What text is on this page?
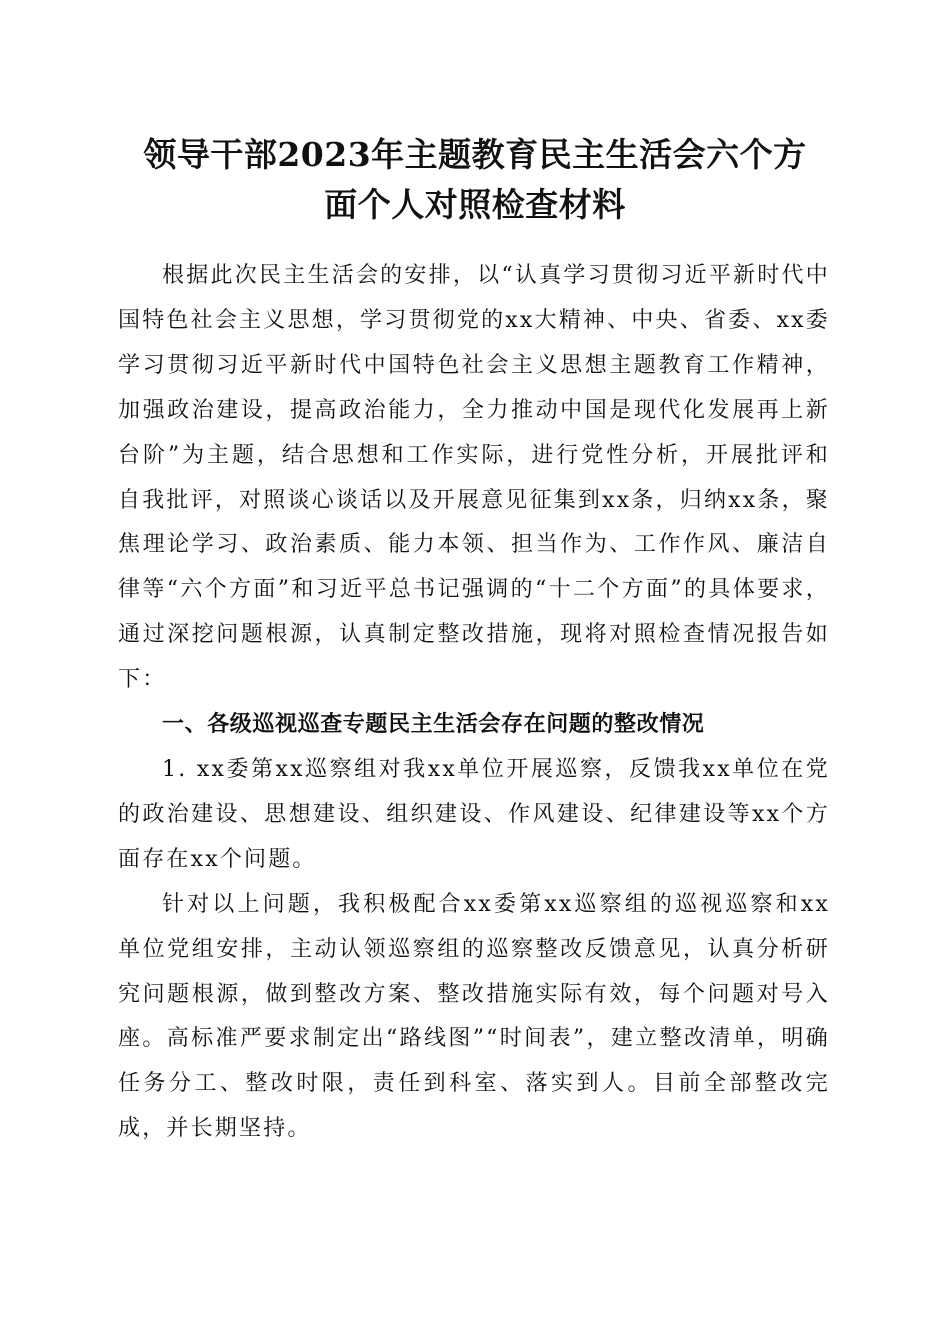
领导干部2023年主题教育民主生活会六个方
面个人对照检查材料

根据此次民主生活会的安排，以“认真学习贯彻习近平新时代中国特色社会主义思想，学习贯彻党的xx大精神、中央、省委、xx委学习贯彻习近平新时代中国特色社会主义思想主题教育工作精神，加强政治建设，提高政治能力，全力推动中国是现代化发展再上新台阶”为主题，结合思想和工作实际，进行党性分析，开展批评和自我批评，对照谈心谈话以及开展意见征集到xx条，归纳xx条，聚焦理论学习、政治素质、能力本领、担当作为、工作作风、廉洁自律等“六个方面”和习近平总书记强调的“十二个方面”的具体要求，通过深挖问题根源，认真制定整改措施，现将对照检查情况报告如下：

一、各级巡视巡查专题民主生活会存在问题的整改情况

1. xx委第xx巡察组对我xx单位开展巡察，反馈我xx单位在党的政治建设、思想建设、组织建设、作风建设、纪律建设等xx个方面存在xx个问题。

针对以上问题，我积极配合xx委第xx巡察组的巡视巡察和xx单位党组安排，主动认领巡察组的巡察整改反馈意见，认真分析研究问题根源，做到整改方案、整改措施实际有效，每个问题对号入座。高标准严要求制定出“路线图”“时间表”，建立整改清单，明确任务分工、整改时限，责任到科室、落实到人。目前全部整改完成，并长期坚持。
